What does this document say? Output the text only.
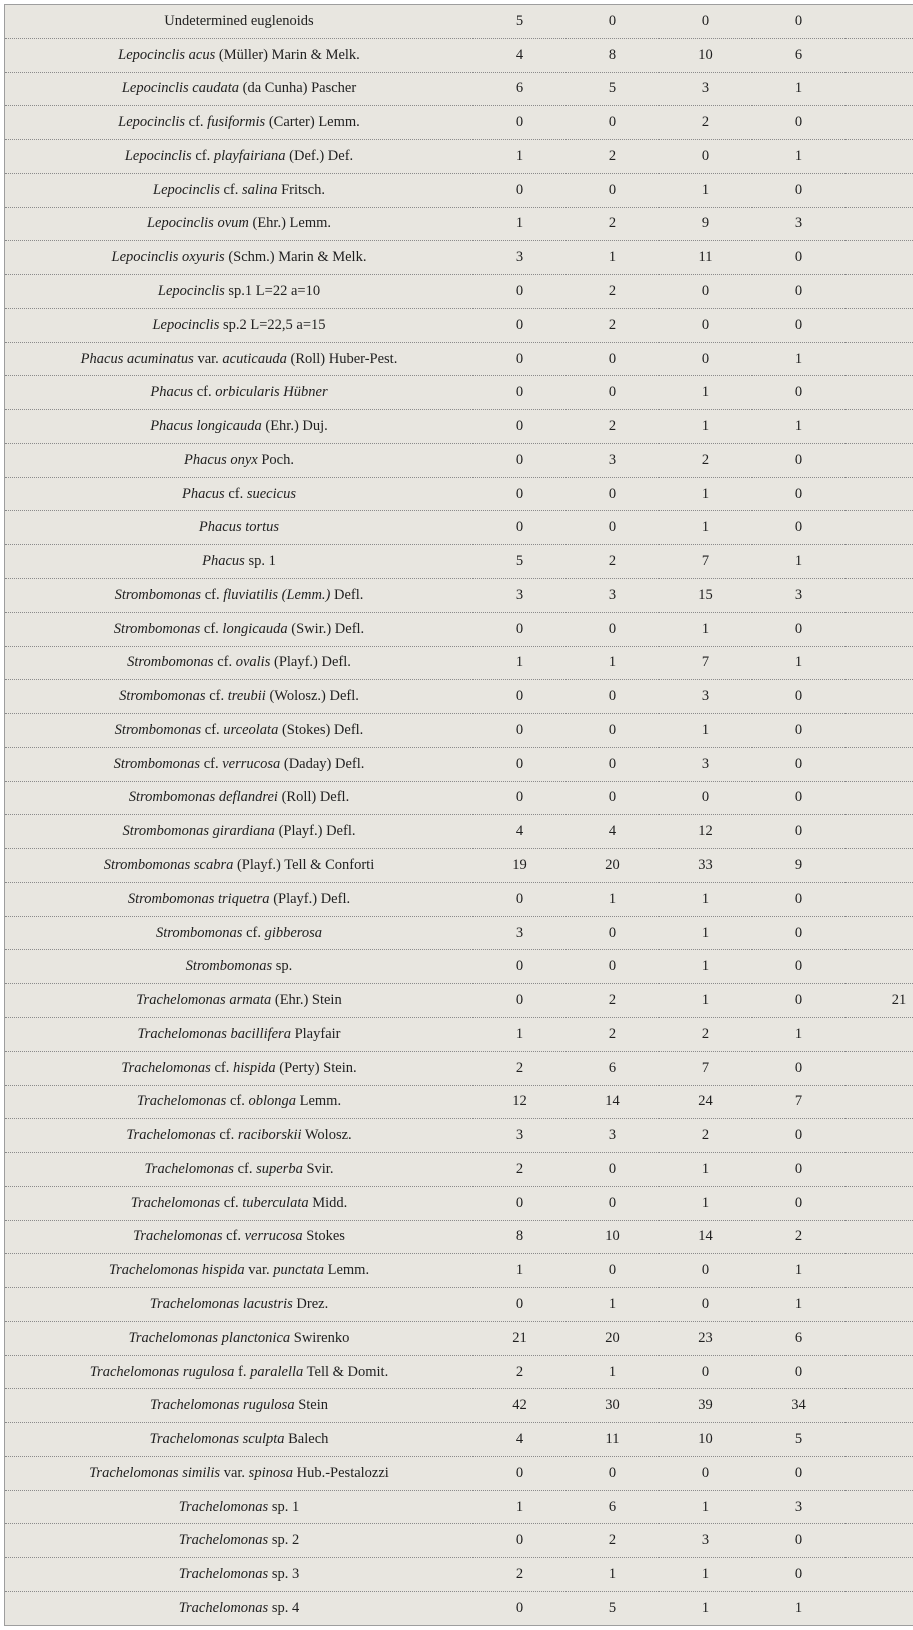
Undetermined euglenoids	5	0	0	0	
Lepocinclis acus (Müller) Marin & Melk.	4	8	10	6	
Lepocinclis caudata (da Cunha) Pascher	6	5	3	1	
Lepocinclis cf. fusiformis (Carter) Lemm.	0	0	2	0	
Lepocinclis cf. playfairiana (Def.) Def.	1	2	0	1	
Lepocinclis cf. salina Fritsch.	0	0	1	0	
Lepocinclis ovum (Ehr.) Lemm.	1	2	9	3	
Lepocinclis oxyuris (Schm.) Marin & Melk.	3	1	11	0	
Lepocinclis sp.1 L=22 a=10	0	2	0	0	
Lepocinclis sp.2 L=22,5 a=15	0	2	0	0	
Phacus acuminatus var. acuticauda (Roll) Huber-Pest.	0	0	0	1	
Phacus cf. orbicularis Hübner	0	0	1	0	
Phacus longicauda (Ehr.) Duj.	0	2	1	1	
Phacus onyx Poch.	0	3	2	0	
Phacus cf. suecicus	0	0	1	0	
Phacus tortus	0	0	1	0	
Phacus sp. 1	5	2	7	1	
Strombomonas cf. fluviatilis (Lemm.) Defl.	3	3	15	3	
Strombomonas cf. longicauda (Swir.) Defl.	0	0	1	0	
Strombomonas cf. ovalis (Playf.) Defl.	1	1	7	1	
Strombomonas cf. treubii (Wolosz.) Defl.	0	0	3	0	
Strombomonas cf. urceolata (Stokes) Defl.	0	0	1	0	
Strombomonas cf. verrucosa (Daday) Defl.	0	0	3	0	
Strombomonas deflandrei (Roll) Defl.	0	0	0	0	
Strombomonas girardiana (Playf.) Defl.	4	4	12	0	
Strombomonas scabra (Playf.) Tell & Conforti	19	20	33	9	
Strombomonas triquetra (Playf.) Defl.	0	1	1	0	
Strombomonas cf. gibberosa	3	0	1	0	
Strombomonas sp.	0	0	1	0	
Trachelomonas armata (Ehr.) Stein	0	2	1	0	21
Trachelomonas bacillifera Playfair	1	2	2	1	
Trachelomonas cf. hispida (Perty) Stein.	2	6	7	0	
Trachelomonas cf. oblonga Lemm.	12	14	24	7	
Trachelomonas cf. raciborskii Wolosz.	3	3	2	0	
Trachelomonas cf. superba Svir.	2	0	1	0	
Trachelomonas cf. tuberculata Midd.	0	0	1	0	
Trachelomonas cf. verrucosa Stokes	8	10	14	2	
Trachelomonas hispida var. punctata Lemm.	1	0	0	1	
Trachelomonas lacustris Drez.	0	1	0	1	
Trachelomonas planctonica Swirenko	21	20	23	6	
Trachelomonas rugulosa f. paralella Tell & Domit.	2	1	0	0	
Trachelomonas rugulosa Stein	42	30	39	34	
Trachelomonas sculpta Balech	4	11	10	5	
Trachelomonas similis var. spinosa Hub.-Pestalozzi	0	0	0	0	
Trachelomonas sp. 1	1	6	1	3	
Trachelomonas sp. 2	0	2	3	0	
Trachelomonas sp. 3	2	1	1	0	
Trachelomonas sp. 4	0	5	1	1	
